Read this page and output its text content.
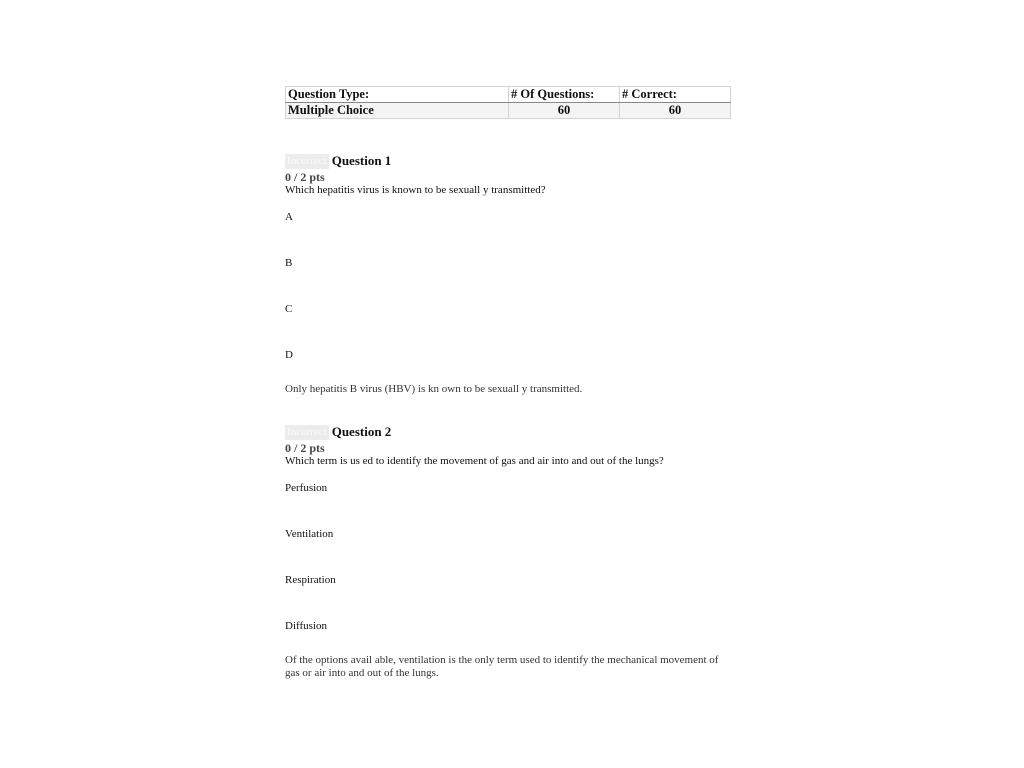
Question Type:	# Of Questions:	# Correct:
Multiple Choice	60	60
Incorrect Question 1
0 / 2 pts
Which hepatitis virus is known to be sexuall y transmitted?
A
B
C
D
Only hepatitis B virus (HBV) is kn own to be sexuall y transmitted.
Incorrect Question 2
0 / 2 pts
Which term is us ed to identify the movement of gas and air into and out of the lungs?
Perfusion
Ventilation
Respiration
Diffusion
Of the options avail able, ventilation is the only term used to identify the mechanical movement of gas or air into and out of the lungs.
